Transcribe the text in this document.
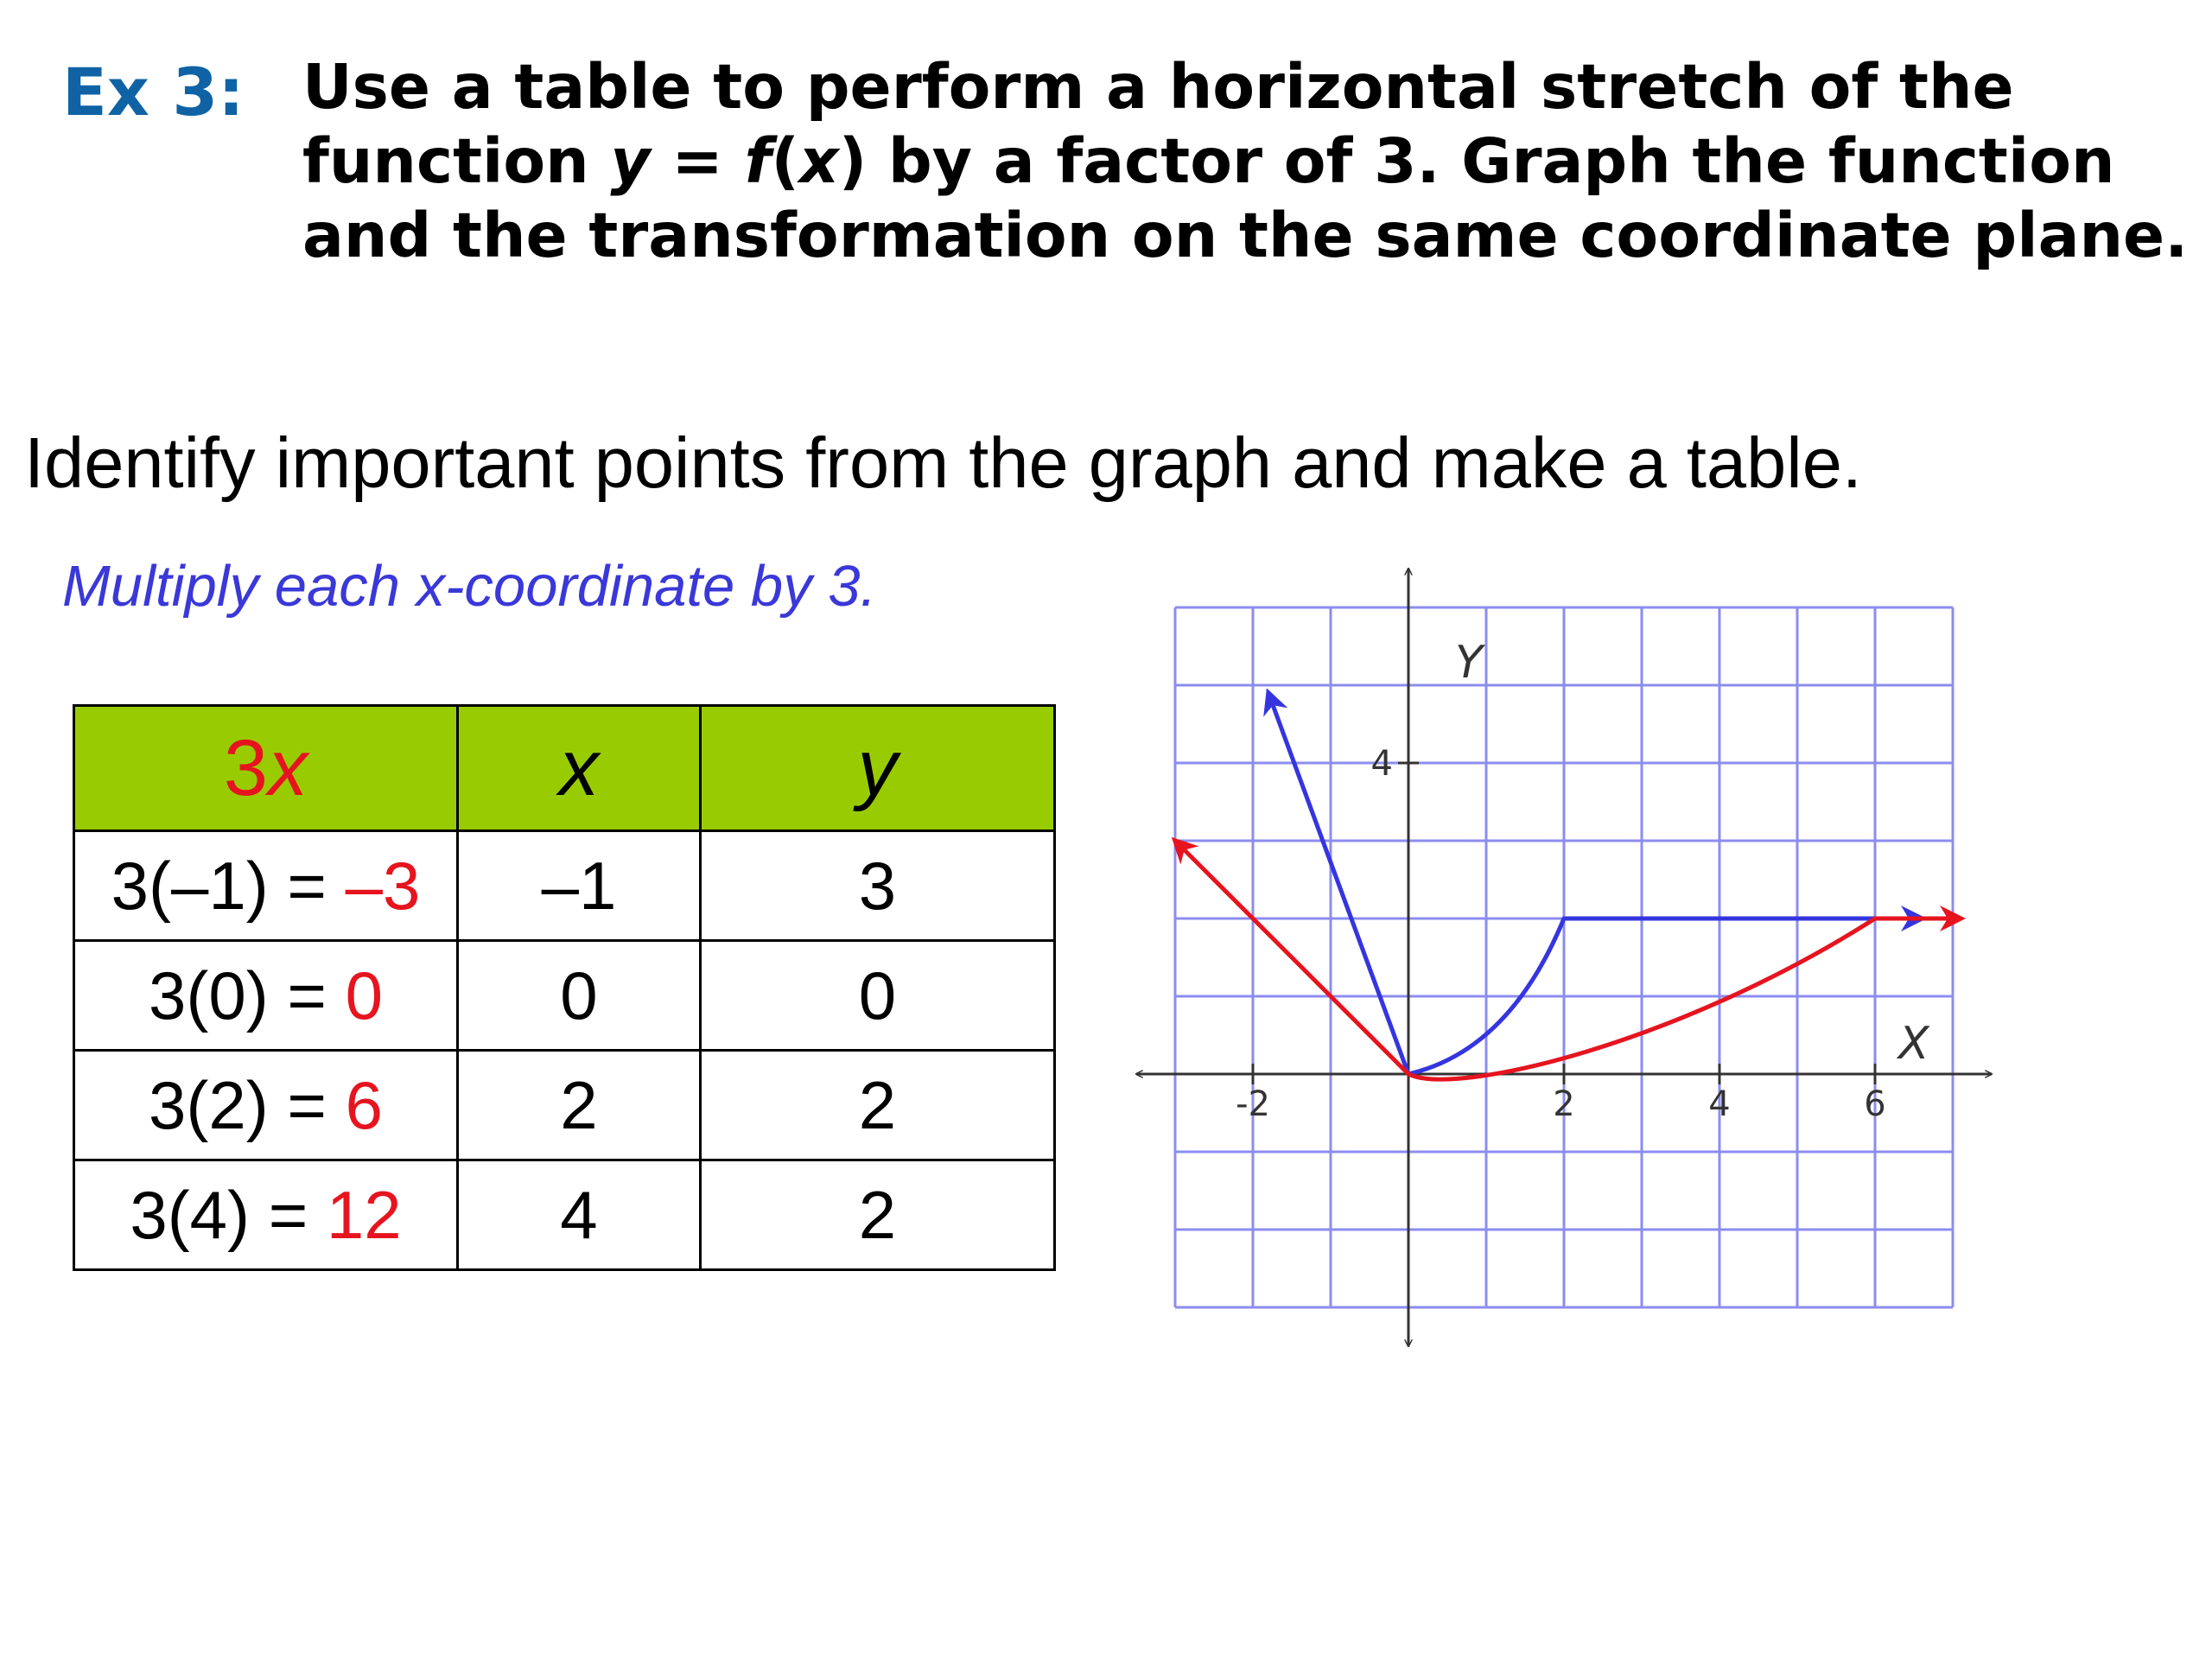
Ex 3: Use a table to perform a horizontal stretch of the
function y = f(x) by a factor of 3. Graph the function
and the transformation on the same coordinate plane.
Identify important points from the graph and make a table.
Multiply each x-coordinate by 3.
3x	x	y
3(–1) = –3	–1	3
3(0) = 0	0	0
3(2) = 6	2	2
3(4) = 12	4	2
-2	2	4	6
4
X
Y
